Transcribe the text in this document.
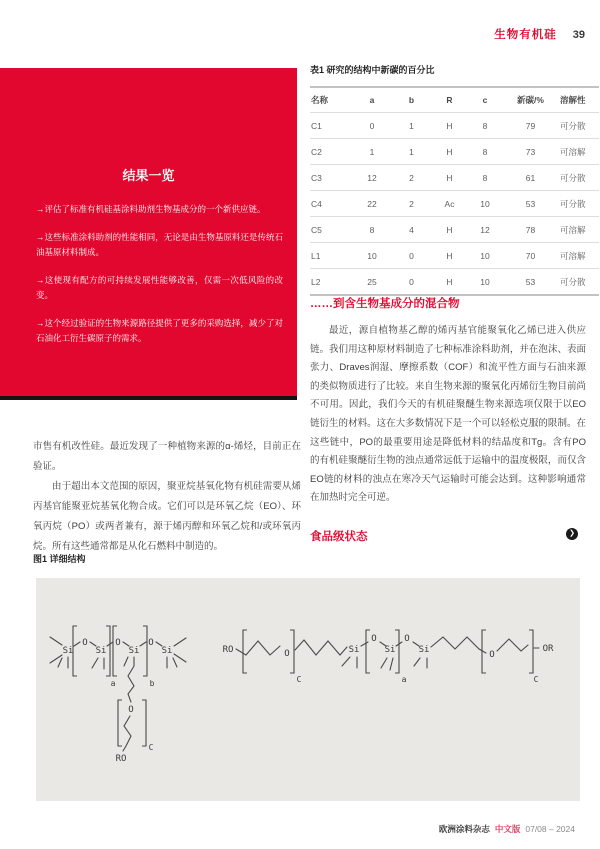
生物有机硅 39
结果一览

→评估了标准有机硅基涂料助剂生物基成分的一个新供应链。

→这些标准涂料助剂的性能相同，无论是由生物基原料还是传统石油基原材料制成。

→这使现有配方的可持续发展性能够改善，仅需一次低风险的改变。

→这个经过验证的生物来源路径提供了更多的采购选择，减少了对石油化工衍生碳原子的需求。

市售有机改性硅。最近发现了一种植物来源的α-烯烃，目前正在验证。

由于超出本文范围的原因，聚亚烷基氧化物有机硅需要从烯丙基官能聚亚烷基氧化物合成。它们可以是环氧乙烷（EO）、环氧丙烷（PO）或两者兼有，源于烯丙醇和环氧乙烷和/或环氧丙烷。所有这些通常都是从化石燃料中制造的。

图1 详细结构
Si
O
Si
O
Si
O
Si
a	b
O
RO
C
RO	O
C
Si
O
Si
a
O
Si	O
C
OR
表1 研究的结构中新碳的百分比
名称	a	b	R	c	新碳/%	溶解性
C1	0	1	H	8	79	可分散
C2	1	1	H	8	73	可溶解
C3	12	2	H	8	61	可分散
C4	22	2	Ac	10	53	可分散
C5	8	4	H	12	78	可溶解
L1	10	0	H	10	70	可溶解
L2	25	0	H	10	53	可分散
……到含生物基成分的混合物

最近，源自植物基乙醇的烯丙基官能聚氧化乙烯已进入供应链。我们用这种原材料制造了七种标准涂料助剂，并在泡沫、表面张力、Draves润湿、摩擦系数（COF）和流平性方面与石油来源的类似物质进行了比较。来自生物来源的聚氧化丙烯衍生物目前尚不可用。因此，我们今天的有机硅聚醚生物来源选项仅限于以EO链衍生的材料。这在大多数情况下是一个可以轻松克服的限制。在这些链中，PO的最重要用途是降低材料的结晶度和Tg。含有PO的有机硅聚醚衍生物的浊点通常远低于运输中的温度极限，而仅含EO链的材料的浊点在寒冷天气运输时可能会达到。这种影响通常在加热时完全可逆。

食品级状态	❯
欧洲涂料杂志 中文版 07/08 – 2024
